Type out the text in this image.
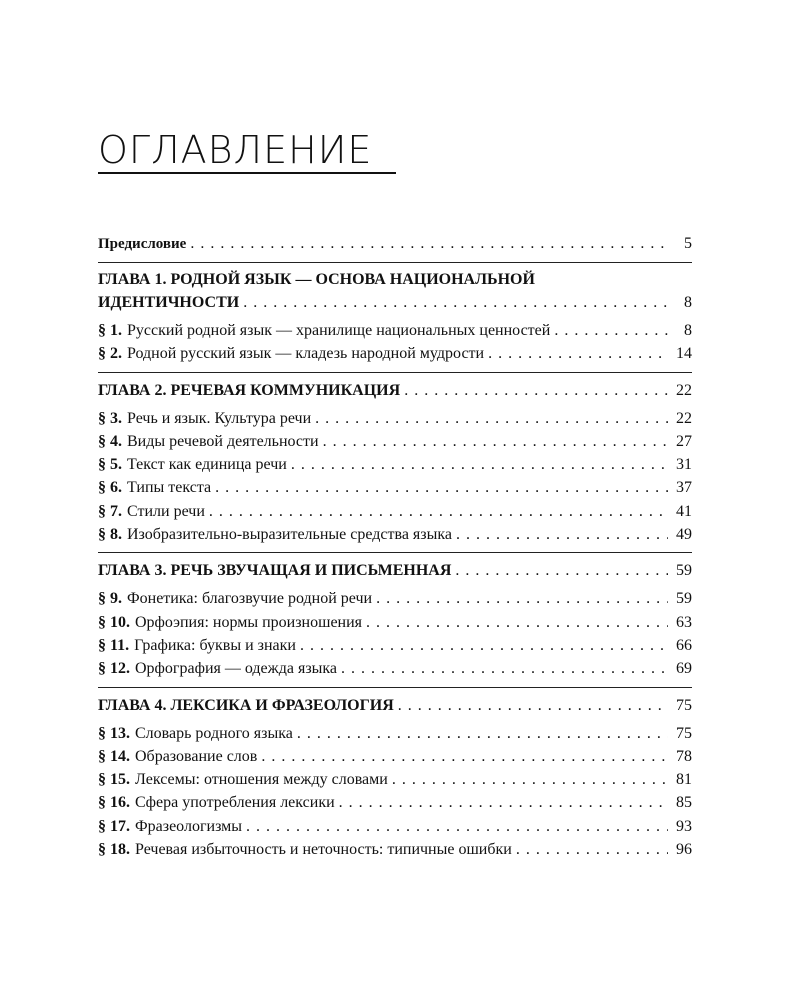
ОГЛАВЛЕНИЕ
Предисловие . . .	5
ГЛАВА 1. РОДНОЙ ЯЗЫК — ОСНОВА НАЦИОНАЛЬНОЙ
ИДЕНТИЧНОСТИ . . .	8
§ 1. Русский родной язык — хранилище национальных ценностей . . .	8
§ 2. Родной русский язык — кладезь народной мудрости . . .	14
ГЛАВА 2. РЕЧЕВАЯ КОММУНИКАЦИЯ . . .	22
§ 3. Речь и язык. Культура речи . . .	22
§ 4. Виды речевой деятельности . . .	27
§ 5. Текст как единица речи . . .	31
§ 6. Типы текста . . .	37
§ 7. Стили речи . . .	41
§ 8. Изобразительно-выразительные средства языка . . .	49
ГЛАВА 3. РЕЧЬ ЗВУЧАЩАЯ И ПИСЬМЕННАЯ . . .	59
§ 9. Фонетика: благозвучие родной речи . . .	59
§ 10. Орфоэпия: нормы произношения . . .	63
§ 11. Графика: буквы и знаки . . .	66
§ 12. Орфография — одежда языка . . .	69
ГЛАВА 4. ЛЕКСИКА И ФРАЗЕОЛОГИЯ . . .	75
§ 13. Словарь родного языка . . .	75
§ 14. Образование слов . . .	78
§ 15. Лексемы: отношения между словами . . .	81
§ 16. Сфера употребления лексики . . .	85
§ 17. Фразеологизмы . . .	93
§ 18. Речевая избыточность и неточность: типичные ошибки . . .	96
